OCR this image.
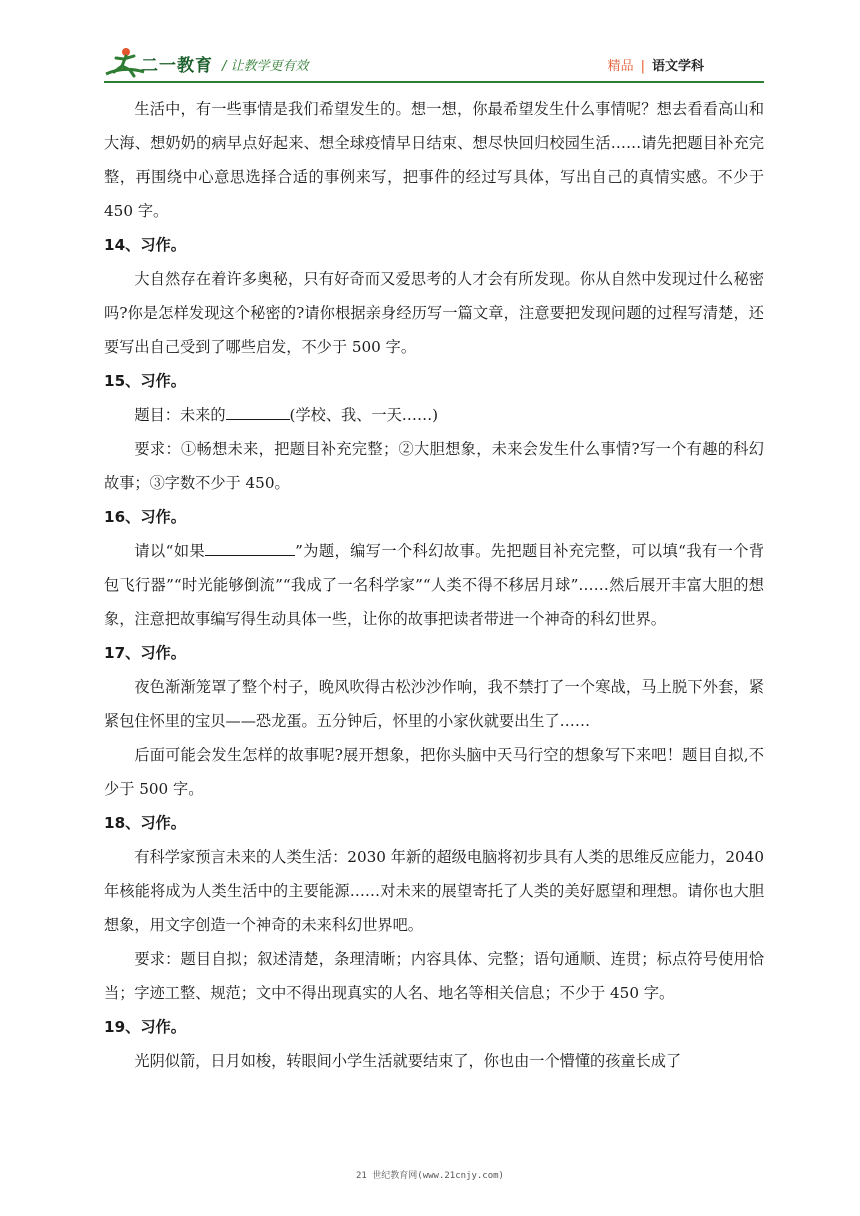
二一教育 / 让教学更有效	精品 | 语文学科

生活中，有一些事情是我们希望发生的。想一想，你最希望发生什么事情呢？想去看看高山和大海、想奶奶的病早点好起来、想全球疫情早日结束、想尽快回归校园生活……请先把题目补充完整，再围绕中心意思选择合适的事例来写，把事件的经过写具体，写出自己的真情实感。不少于 450 字。

14、习作。

大自然存在着许多奥秘，只有好奇而又爱思考的人才会有所发现。你从自然中发现过什么秘密吗?你是怎样发现这个秘密的?请你根据亲身经历写一篇文章，注意要把发现问题的过程写清楚，还要写出自己受到了哪些启发，不少于 500 字。

15、习作。

题目：未来的	(学校、我、一天……)

要求：①畅想未来，把题目补充完整；②大胆想象，未来会发生什么事情?写一个有趣的科幻故事；③字数不少于 450。

16、习作。

请以“如果	”为题，编写一个科幻故事。先把题目补充完整，可以填“我有一个背包飞行器”“时光能够倒流”“我成了一名科学家”“人类不得不移居月球”……然后展开丰富大胆的想象，注意把故事编写得生动具体一些，让你的故事把读者带进一个神奇的科幻世界。

17、习作。

夜色渐渐笼罩了整个村子，晚风吹得古松沙沙作响，我不禁打了一个寒战，马上脱下外套，紧紧包住怀里的宝贝——恐龙蛋。五分钟后，怀里的小家伙就要出生了……

后面可能会发生怎样的故事呢?展开想象，把你头脑中天马行空的想象写下来吧！题目自拟,不少于 500 字。

18、习作。

有科学家预言未来的人类生活：2030 年新的超级电脑将初步具有人类的思维反应能力，2040 年核能将成为人类生活中的主要能源……对未来的展望寄托了人类的美好愿望和理想。请你也大胆想象，用文字创造一个神奇的未来科幻世界吧。

要求：题目自拟；叙述清楚，条理清晰；内容具体、完整；语句通顺、连贯；标点符号使用恰当；字迹工整、规范；文中不得出现真实的人名、地名等相关信息；不少于 450 字。

19、习作。

光阴似箭，日月如梭，转眼间小学生活就要结束了，你也由一个懵懂的孩童长成了

21 世纪教育网(www.21cnjy.com)
